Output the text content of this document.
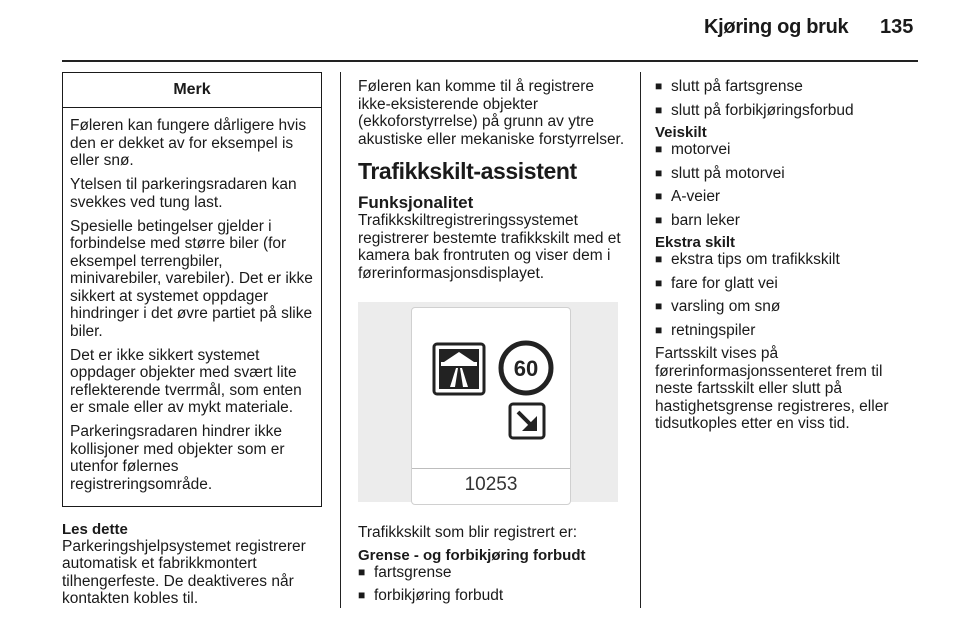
Kjøring og bruk 135
Merk

Føleren kan fungere dårligere hvis den er dekket av for eksempel is eller snø.

Ytelsen til parkeringsradaren kan svekkes ved tung last.

Spesielle betingelser gjelder i forbindelse med større biler (for eksempel terrengbiler, minivarebiler, varebiler). Det er ikke sikkert at systemet oppdager hindringer i det øvre partiet på slike biler.

Det er ikke sikkert systemet oppdager objekter med svært lite reflekterende tverrmål, som enten er smale eller av mykt materiale.

Parkeringsradaren hindrer ikke kollisjoner med objekter som er utenfor følernes registreringsområde.

Les dette
Parkeringshjelpsystemet registrerer automatisk et fabrikkmontert tilhengerfeste. De deaktiveres når kontakten kobles til.

Føleren kan komme til å registrere ikke-eksisterende objekter (ekkoforstyrrelse) på grunn av ytre akustiske eller mekaniske forstyrrelser.

Trafikkskilt-assistent
Funksjonalitet

Trafikkskiltregistreringssystemet registrerer bestemte trafikkskilt med et kamera bak frontruten og viser dem i førerinformasjonsdisplayet.

60
10253

Trafikkskilt som blir registrert er:

Grense - og forbikjøring forbudt
■ fartsgrense
■ forbikjøring forbudt
■ slutt på fartsgrense
■ slutt på forbikjøringsforbud
Veiskilt
■ motorvei
■ slutt på motorvei
■ A-veier
■ barn leker
Ekstra skilt
■ ekstra tips om trafikkskilt
■ fare for glatt vei
■ varsling om snø
■ retningspiler

Fartsskilt vises på førerinformasjonssenteret frem til neste fartsskilt eller slutt på hastighetsgrense registreres, eller tidsutkoples etter en viss tid.
